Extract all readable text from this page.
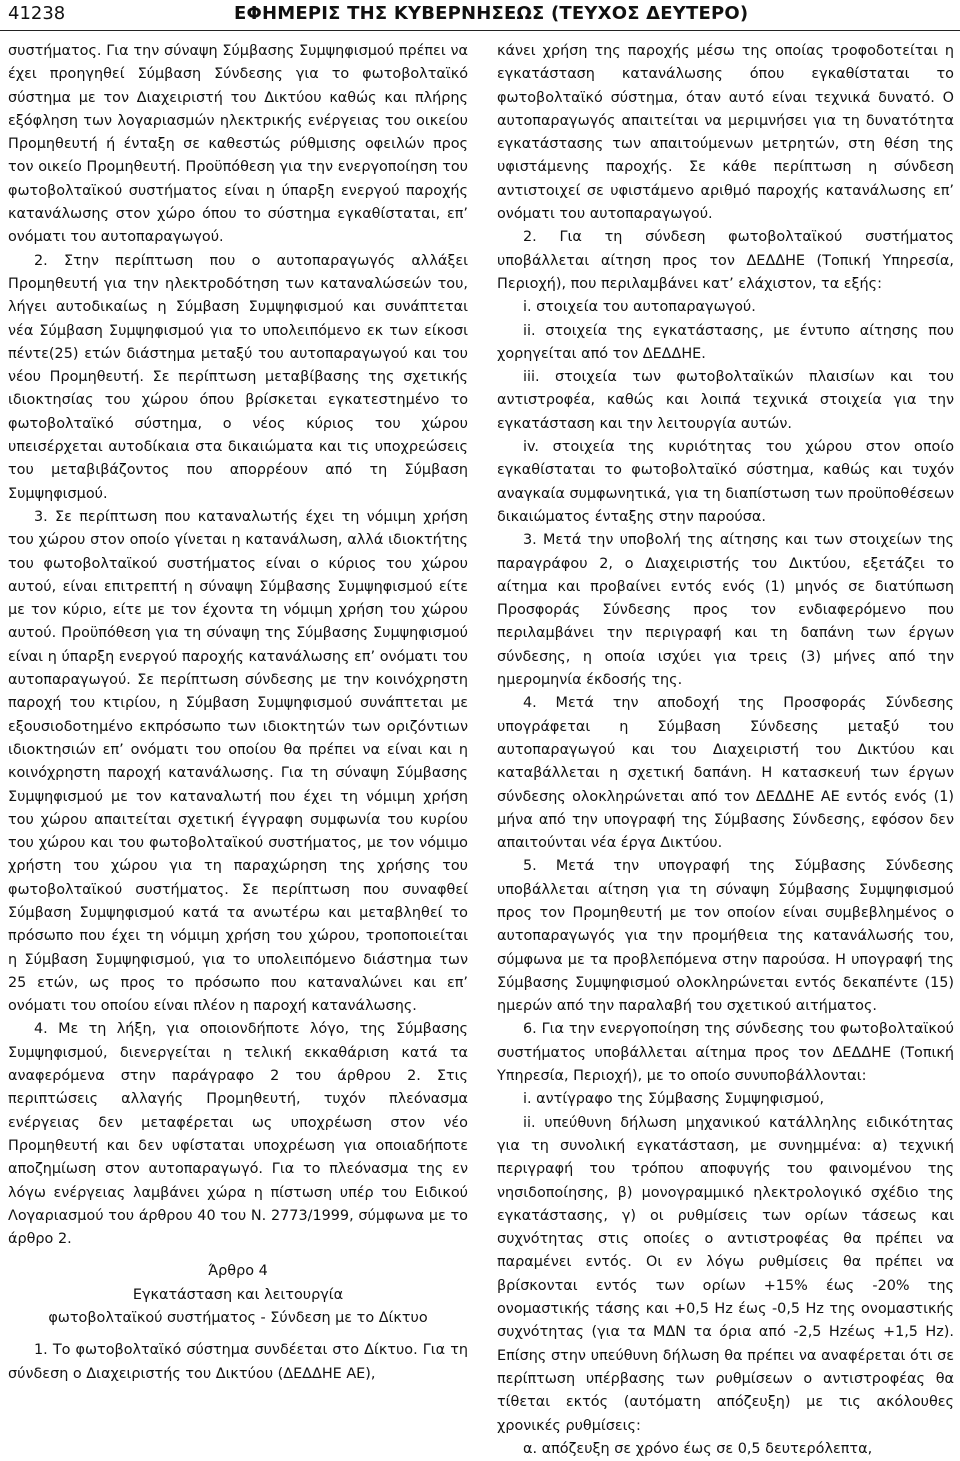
41238	ΕΦΗΜΕΡΙΣ ΤΗΣ ΚΥΒΕΡΝΗΣΕΩΣ (ΤΕΥΧΟΣ ΔΕΥΤΕΡΟ)

συστήματος. Για την σύναψη Σύμβασης Συμψηφισμού πρέπει να έχει προηγηθεί Σύμβαση Σύνδεσης για το φωτοβολταϊκό σύστημα με τον Διαχειριστή του Δικτύου καθώς και πλήρης εξόφληση των λογαριασμών ηλεκτρικής ενέργειας του οικείου Προμηθευτή ή ένταξη σε καθεστώς ρύθμισης οφειλών προς τον οικείο Προμηθευτή. Προϋπόθεση για την ενεργοποίηση του φωτοβολταϊκού συστήματος είναι η ύπαρξη ενεργού παροχής κατανάλωσης στον χώρο όπου το σύστημα εγκαθίσταται, επ’ ονόματι του αυτοπαραγωγού.

2. Στην περίπτωση που ο αυτοπαραγωγός αλλάξει Προμηθευτή για την ηλεκτροδότηση των καταναλώσεών του, λήγει αυτοδικαίως η Σύμβαση Συμψηφισμού και συνάπτεται νέα Σύμβαση Συμψηφισμού για το υπολειπόμενο εκ των είκοσι πέντε(25) ετών διάστημα μεταξύ του αυτοπαραγωγού και του νέου Προμηθευτή. Σε περίπτωση μεταβίβασης της σχετικής ιδιοκτησίας του χώρου όπου βρίσκεται εγκατεστημένο το φωτοβολταϊκό σύστημα, ο νέος κύριος του χώρου υπεισέρχεται αυτοδίκαια στα δικαιώματα και τις υποχρεώσεις του μεταβιβάζοντος που απορρέουν από τη Σύμβαση Συμψηφισμού.

3. Σε περίπτωση που καταναλωτής έχει τη νόμιμη χρήση του χώρου στον οποίο γίνεται η κατανάλωση, αλλά ιδιοκτήτης του φωτοβολταϊκού συστήματος είναι ο κύριος του χώρου αυτού, είναι επιτρεπτή η σύναψη Σύμβασης Συμψηφισμού είτε με τον κύριο, είτε με τον έχοντα τη νόμιμη χρήση του χώρου αυτού. Προϋπόθεση για τη σύναψη της Σύμβασης Συμψηφισμού είναι η ύπαρξη ενεργού παροχής κατανάλωσης επ’ ονόματι του αυτοπαραγωγού. Σε περίπτωση σύνδεσης με την κοινόχρηστη παροχή του κτιρίου, η Σύμβαση Συμψηφισμού συνάπτεται με εξουσιοδοτημένο εκπρόσωπο των ιδιοκτητών των οριζόντιων ιδιοκτησιών επ’ ονόματι του οποίου θα πρέπει να είναι και η κοινόχρηστη παροχή κατανάλωσης. Για τη σύναψη Σύμβασης Συμψηφισμού με τον καταναλωτή που έχει τη νόμιμη χρήση του χώρου απαιτείται σχετική έγγραφη συμφωνία του κυρίου του χώρου και του φωτοβολταϊκού συστήματος, με τον νόμιμο χρήστη του χώρου για τη παραχώρηση της χρήσης του φωτοβολταϊκού συστήματος. Σε περίπτωση που συναφθεί Σύμβαση Συμψηφισμού κατά τα ανωτέρω και μεταβληθεί το πρόσωπο που έχει τη νόμιμη χρήση του χώρου, τροποποιείται η Σύμβαση Συμψηφισμού, για το υπολειπόμενο διάστημα των 25 ετών, ως προς το πρόσωπο που καταναλώνει και επ’ ονόματι του οποίου είναι πλέον η παροχή κατανάλωσης.

4. Με τη λήξη, για οποιονδήποτε λόγο, της Σύμβασης Συμψηφισμού, διενεργείται η τελική εκκαθάριση κατά τα αναφερόμενα στην παράγραφο 2 του άρθρου 2. Στις περιπτώσεις αλλαγής Προμηθευτή, τυχόν πλεόνασμα ενέργειας δεν μεταφέρεται ως υποχρέωση στον νέο Προμηθευτή και δεν υφίσταται υποχρέωση για οποιαδήποτε αποζημίωση στον αυτοπαραγωγό. Για το πλεόνασμα της εν λόγω ενέργειας λαμβάνει χώρα η πίστωση υπέρ του Ειδικού Λογαριασμού του άρθρου 40 του Ν. 2773/1999, σύμφωνα με το άρθρο 2.

Άρθρο 4

Εγκατάσταση και λειτουργία

φωτοβολταϊκού συστήματος - Σύνδεση με το Δίκτυο

1. Το φωτοβολταϊκό σύστημα συνδέεται στο Δίκτυο. Για τη σύνδεση ο Διαχειριστής του Δικτύου (ΔΕΔΔΗΕ ΑΕ),

κάνει χρήση της παροχής μέσω της οποίας τροφοδοτείται η εγκατάσταση κατανάλωσης όπου εγκαθίσταται το φωτοβολταϊκό σύστημα, όταν αυτό είναι τεχνικά δυνατό. Ο αυτοπαραγωγός απαιτείται να μεριμνήσει για τη δυνατότητα εγκατάστασης των απαιτούμενων μετρητών, στη θέση της υφιστάμενης παροχής. Σε κάθε περίπτωση η σύνδεση αντιστοιχεί σε υφιστάμενο αριθμό παροχής κατανάλωσης επ’ ονόματι του αυτοπαραγωγού.

2. Για τη σύνδεση φωτοβολταϊκού συστήματος υποβάλλεται αίτηση προς τον ΔΕΔΔΗΕ (Τοπική Υπηρεσία, Περιοχή), που περιλαμβάνει κατ’ ελάχιστον, τα εξής:

i. στοιχεία του αυτοπαραγωγού.

ii. στοιχεία της εγκατάστασης, με έντυπο αίτησης που χορηγείται από τον ΔΕΔΔΗΕ.

iii. στοιχεία των φωτοβολταϊκών πλαισίων και του αντιστροφέα, καθώς και λοιπά τεχνικά στοιχεία για την εγκατάσταση και την λειτουργία αυτών.

iv. στοιχεία της κυριότητας του χώρου στον οποίο εγκαθίσταται το φωτοβολταϊκό σύστημα, καθώς και τυχόν αναγκαία συμφωνητικά, για τη διαπίστωση των προϋποθέσεων δικαιώματος ένταξης στην παρούσα.

3. Μετά την υποβολή της αίτησης και των στοιχείων της παραγράφου 2, ο Διαχειριστής του Δικτύου, εξετάζει το αίτημα και προβαίνει εντός ενός (1) μηνός σε διατύπωση Προσφοράς Σύνδεσης προς τον ενδιαφερόμενο που περιλαμβάνει την περιγραφή και τη δαπάνη των έργων σύνδεσης, η οποία ισχύει για τρεις (3) μήνες από την ημερομηνία έκδοσής της.

4. Μετά την αποδοχή της Προσφοράς Σύνδεσης υπογράφεται η Σύμβαση Σύνδεσης μεταξύ του αυτοπαραγωγού και του Διαχειριστή του Δικτύου και καταβάλλεται η σχετική δαπάνη. Η κατασκευή των έργων σύνδεσης ολοκληρώνεται από τον ΔΕΔΔΗΕ ΑΕ εντός ενός (1) μήνα από την υπογραφή της Σύμβασης Σύνδεσης, εφόσον δεν απαιτούνται νέα έργα Δικτύου.

5. Μετά την υπογραφή της Σύμβασης Σύνδεσης υποβάλλεται αίτηση για τη σύναψη Σύμβασης Συμψηφισμού προς τον Προμηθευτή με τον οποίον είναι συμβεβλημένος ο αυτοπαραγωγός για την προμήθεια της κατανάλωσής του, σύμφωνα με τα προβλεπόμενα στην παρούσα. Η υπογραφή της Σύμβασης Συμψηφισμού ολοκληρώνεται εντός δεκαπέντε (15) ημερών από την παραλαβή του σχετικού αιτήματος.

6. Για την ενεργοποίηση της σύνδεσης του φωτοβολταϊκού συστήματος υποβάλλεται αίτημα προς τον ΔΕΔΔΗΕ (Τοπική Υπηρεσία, Περιοχή), με το οποίο συνυποβάλλονται:

i. αντίγραφο της Σύμβασης Συμψηφισμού,

ii. υπεύθυνη δήλωση μηχανικού κατάλληλης ειδικότητας για τη συνολική εγκατάσταση, με συνημμένα: α) τεχνική περιγραφή του τρόπου αποφυγής του φαινομένου της νησιδοποίησης, β) μονογραμμικό ηλεκτρολογικό σχέδιο της εγκατάστασης, γ) οι ρυθμίσεις των ορίων τάσεως και συχνότητας στις οποίες ο αντιστροφέας θα πρέπει να παραμένει εντός. Οι εν λόγω ρυθμίσεις θα πρέπει να βρίσκονται εντός των ορίων +15% έως -20% της ονομαστικής τάσης και +0,5 Hz έως -0,5 Hz της ονομαστικής συχνότητας (για τα ΜΔΝ τα όρια από -2,5 Hzέως +1,5 Hz). Επίσης στην υπεύθυνη δήλωση θα πρέπει να αναφέρεται ότι σε περίπτωση υπέρβασης των ρυθμίσεων ο αντιστροφέας θα τίθεται εκτός (αυτόματη απόζευξη) με τις ακόλουθες χρονικές ρυθμίσεις:

α. απόζευξη σε χρόνο έως σε 0,5 δευτερόλεπτα,
